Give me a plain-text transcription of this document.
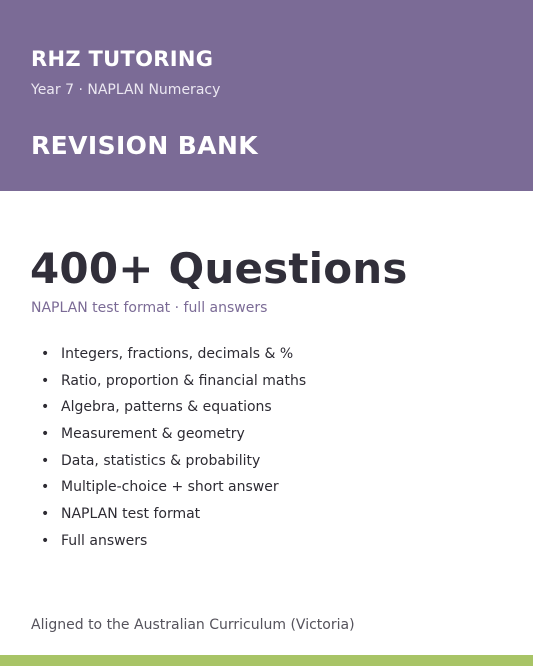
RHZ TUTORING

Year 7 · NAPLAN Numeracy

REVISION BANK
400+ Questions

NAPLAN test format · full answers

• Integers, fractions, decimals & %
• Ratio, proportion & financial maths
• Algebra, patterns & equations
• Measurement & geometry
• Data, statistics & probability
• Multiple-choice + short answer
• NAPLAN test format
• Full answers

Aligned to the Australian Curriculum (Victoria)
